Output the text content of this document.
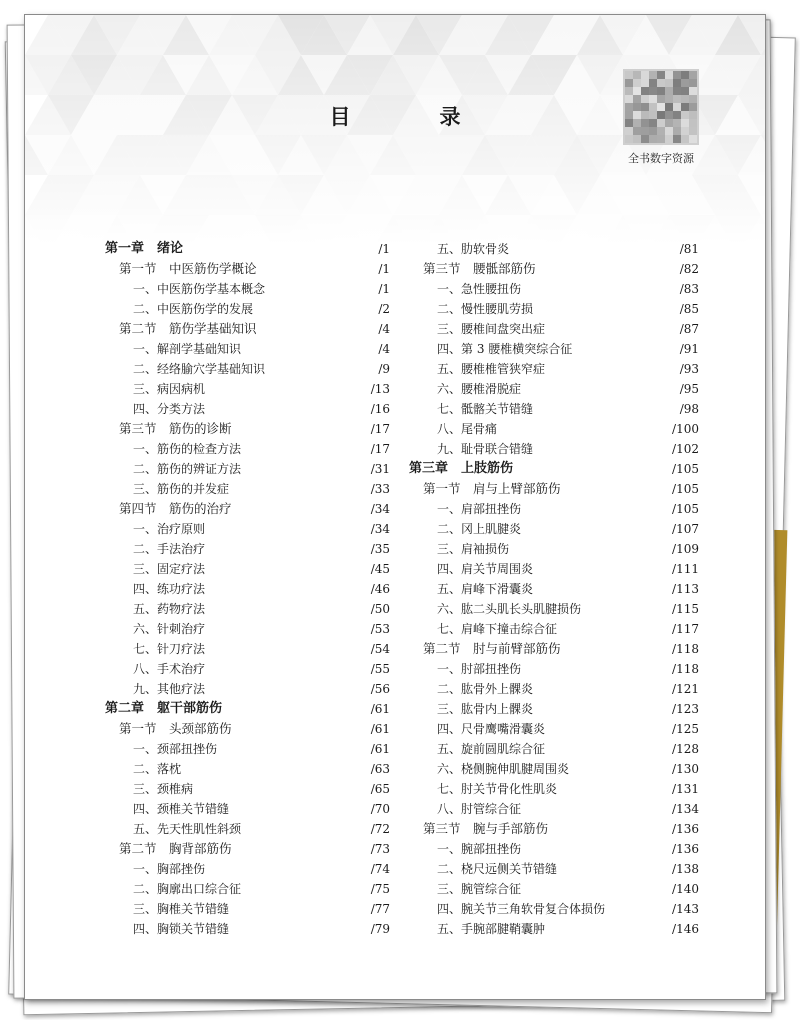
目　录
全书数字资源
第一章　绪论	/1
第一节　中医筋伤学概论	/1
一、中医筋伤学基本概念	/1
二、中医筋伤学的发展	/2
第二节　筋伤学基础知识	/4
一、解剖学基础知识	/4
二、经络腧穴学基础知识	/9
三、病因病机	/13
四、分类方法	/16
第三节　筋伤的诊断	/17
一、筋伤的检查方法	/17
二、筋伤的辨证方法	/31
三、筋伤的并发症	/33
第四节　筋伤的治疗	/34
一、治疗原则	/34
二、手法治疗	/35
三、固定疗法	/45
四、练功疗法	/46
五、药物疗法	/50
六、针刺治疗	/53
七、针刀疗法	/54
八、手术治疗	/55
九、其他疗法	/56
第二章　躯干部筋伤	/61
第一节　头颈部筋伤	/61
一、颈部扭挫伤	/61
二、落枕	/63
三、颈椎病	/65
四、颈椎关节错缝	/70
五、先天性肌性斜颈	/72
第二节　胸背部筋伤	/73
一、胸部挫伤	/74
二、胸廓出口综合征	/75
三、胸椎关节错缝	/77
四、胸锁关节错缝	/79
五、肋软骨炎	/81
第三节　腰骶部筋伤	/82
一、急性腰扭伤	/83
二、慢性腰肌劳损	/85
三、腰椎间盘突出症	/87
四、第 3 腰椎横突综合征	/91
五、腰椎椎管狭窄症	/93
六、腰椎滑脱症	/95
七、骶髂关节错缝	/98
八、尾骨痛	/100
九、耻骨联合错缝	/102
第三章　上肢筋伤	/105
第一节　肩与上臂部筋伤	/105
一、肩部扭挫伤	/105
二、冈上肌腱炎	/107
三、肩袖损伤	/109
四、肩关节周围炎	/111
五、肩峰下滑囊炎	/113
六、肱二头肌长头肌腱损伤	/115
七、肩峰下撞击综合征	/117
第二节　肘与前臂部筋伤	/118
一、肘部扭挫伤	/118
二、肱骨外上髁炎	/121
三、肱骨内上髁炎	/123
四、尺骨鹰嘴滑囊炎	/125
五、旋前圆肌综合征	/128
六、桡侧腕伸肌腱周围炎	/130
七、肘关节骨化性肌炎	/131
八、肘管综合征	/134
第三节　腕与手部筋伤	/136
一、腕部扭挫伤	/136
二、桡尺远侧关节错缝	/138
三、腕管综合征	/140
四、腕关节三角软骨复合体损伤	/143
五、手腕部腱鞘囊肿	/146
